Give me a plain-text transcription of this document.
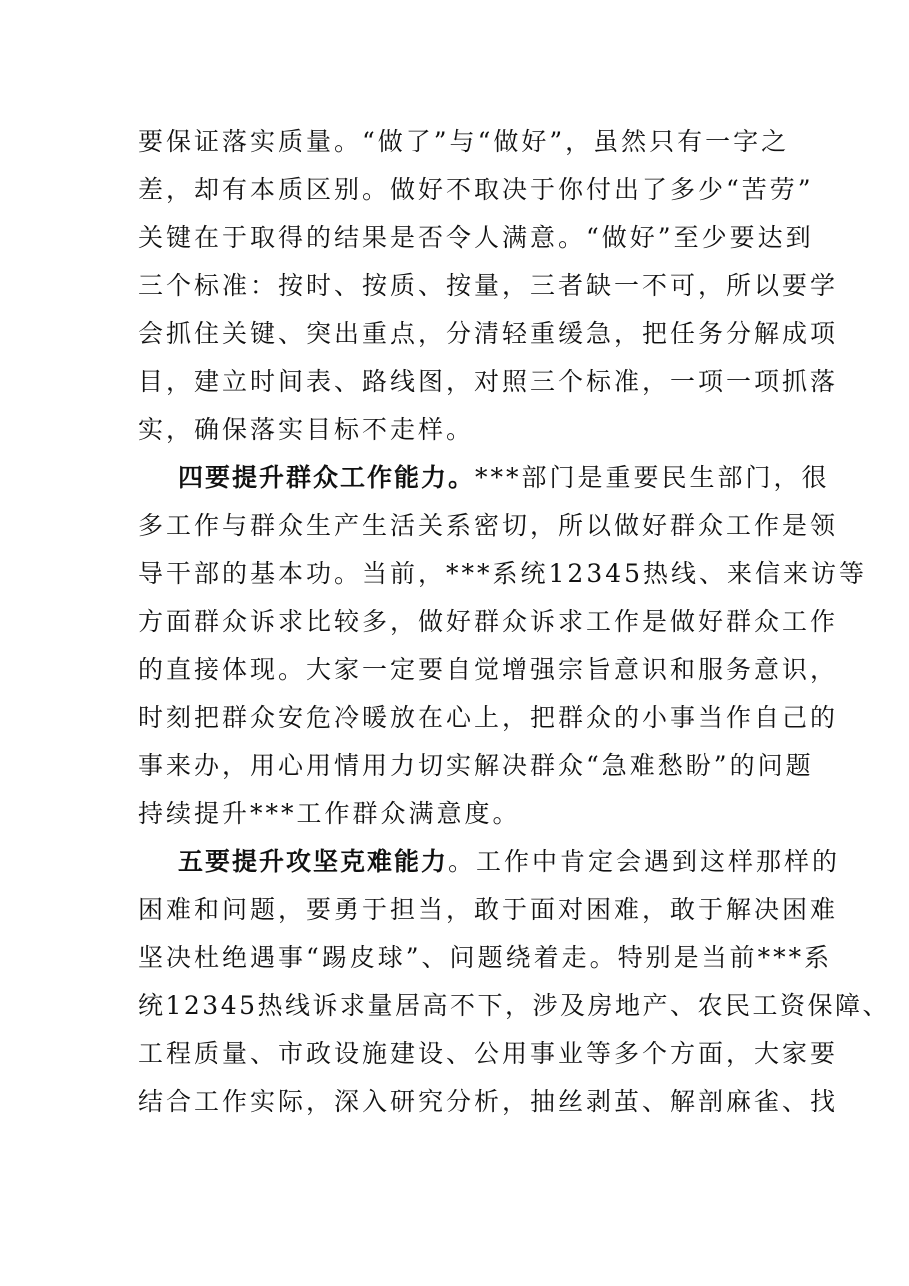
要保证落实质量。“做了”与“做好”，虽然只有一字之
差，却有本质区别。做好不取决于你付出了多少“苦劳”
关键在于取得的结果是否令人满意。“做好”至少要达到
三个标准：按时、按质、按量，三者缺一不可，所以要学
会抓住关键、突出重点，分清轻重缓急，把任务分解成项
目，建立时间表、路线图，对照三个标准，一项一项抓落
实，确保落实目标不走样。
四要提升群众工作能力。***部门是重要民生部门，很
多工作与群众生产生活关系密切，所以做好群众工作是领
导干部的基本功。当前，***系统12345热线、来信来访等
方面群众诉求比较多，做好群众诉求工作是做好群众工作
的直接体现。大家一定要自觉增强宗旨意识和服务意识，
时刻把群众安危冷暖放在心上，把群众的小事当作自己的
事来办，用心用情用力切实解决群众“急难愁盼”的问题
持续提升***工作群众满意度。
五要提升攻坚克难能力。工作中肯定会遇到这样那样的
困难和问题，要勇于担当，敢于面对困难，敢于解决困难
坚决杜绝遇事“踢皮球”、问题绕着走。特别是当前***系
统12345热线诉求量居高不下，涉及房地产、农民工资保障、
工程质量、市政设施建设、公用事业等多个方面，大家要
结合工作实际，深入研究分析，抽丝剥茧、解剖麻雀、找
